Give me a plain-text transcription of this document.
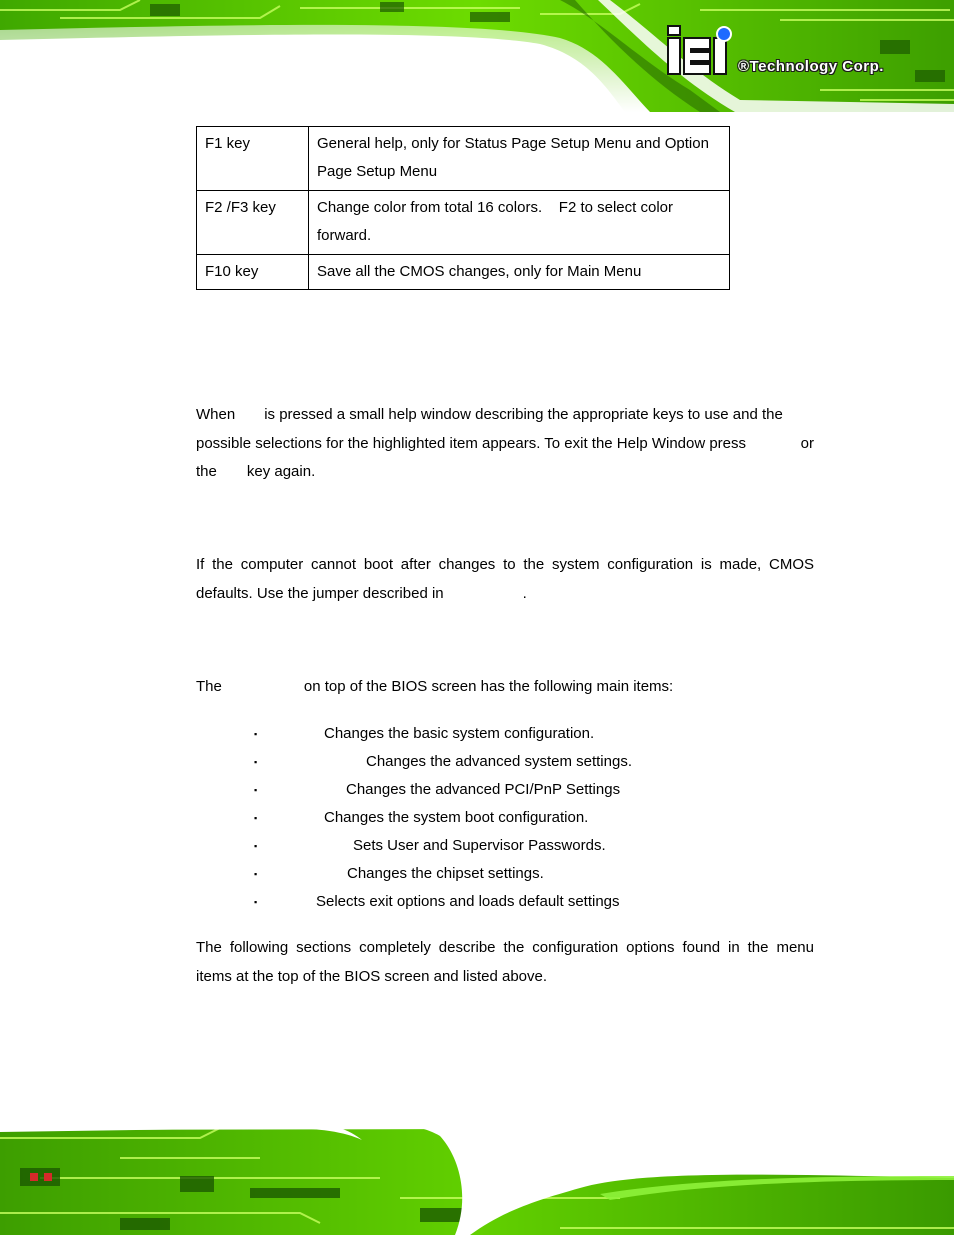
®Technology Corp.
F1 key	General help, only for Status Page Setup Menu and Option
Page Setup Menu
F2 /F3 key	Change color from total 16 colors.    F2 to select color
forward.
F10 key	Save all the CMOS changes, only for Main Menu
When is pressed a small help window describing the appropriate keys to use and the
possible selections for the highlighted item appears. To exit the Help Window press	or
the key again.
If the computer cannot boot after changes to the system configuration is made, CMOS
defaults. Use the jumper described in	.
The	on top of the BIOS screen has the following main items:
▪	Changes the basic system configuration.
▪	Changes the advanced system settings.
▪	Changes the advanced PCI/PnP Settings
▪	Changes the system boot configuration.
▪	Sets User and Supervisor Passwords.
▪	Changes the chipset settings.
▪	Selects exit options and loads default settings
The following sections completely describe the configuration options found in the menu
items at the top of the BIOS screen and listed above.
